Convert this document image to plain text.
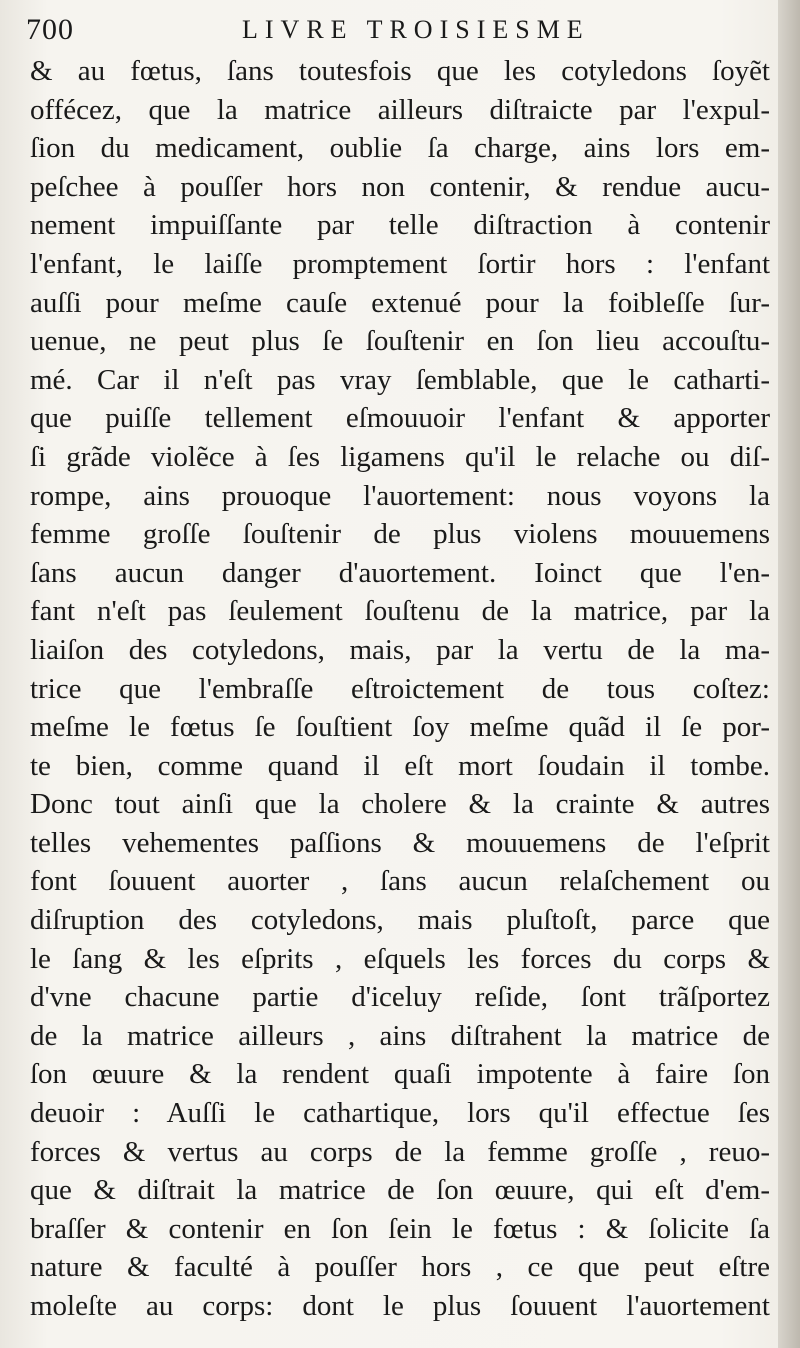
700	LIVRE TROISIESME
& au fœtus, ſans toutesfois que les cotyledons ſoyẽt
offécez, que la matrice ailleurs diſtraicte par l'expul-
ſion du medicament, oublie ſa charge, ains lors em-
peſchee à pouſſer hors non contenir, & rendue aucu-
nement impuiſſante par telle diſtraction à contenir
l'enfant, le laiſſe promptement ſortir hors : l'enfant
auſſi pour meſme cauſe extenué pour la foibleſſe ſur-
uenue, ne peut plus ſe ſouſtenir en ſon lieu accouſtu-
mé. Car il n'eſt pas vray ſemblable, que le catharti-
que puiſſe tellement eſmouuoir l'enfant & apporter
ſi grãde violẽce à ſes ligamens qu'il le relache ou diſ-
rompe, ains prouoque l'auortement: nous voyons la
femme groſſe ſouſtenir de plus violens mouuemens
ſans aucun danger d'auortement. Ioinct que l'en-
fant n'eſt pas ſeulement ſouſtenu de la matrice, par la
liaiſon des cotyledons, mais, par la vertu de la ma-
trice que l'embraſſe eſtroictement de tous coſtez:
meſme le fœtus ſe ſouſtient ſoy meſme quãd il ſe por-
te bien, comme quand il eſt mort ſoudain il tombe.
Donc tout ainſi que la cholere & la crainte & autres
telles vehementes paſſions & mouuemens de l'eſprit
font ſouuent auorter , ſans aucun relaſchement ou
diſruption des cotyledons, mais pluſtoſt, parce que
le ſang & les eſprits , eſquels les forces du corps &
d'vne chacune partie d'iceluy reſide, ſont trãſportez
de la matrice ailleurs , ains diſtrahent la matrice de
ſon œuure & la rendent quaſi impotente à faire ſon
deuoir : Auſſi le cathartique, lors qu'il effectue ſes
forces & vertus au corps de la femme groſſe , reuo-
que & diſtrait la matrice de ſon œuure, qui eſt d'em-
braſſer & contenir en ſon ſein le fœtus : & ſolicite ſa
nature & faculté à pouſſer hors , ce que peut eſtre
moleſte au corps: dont le plus ſouuent l'auortement
